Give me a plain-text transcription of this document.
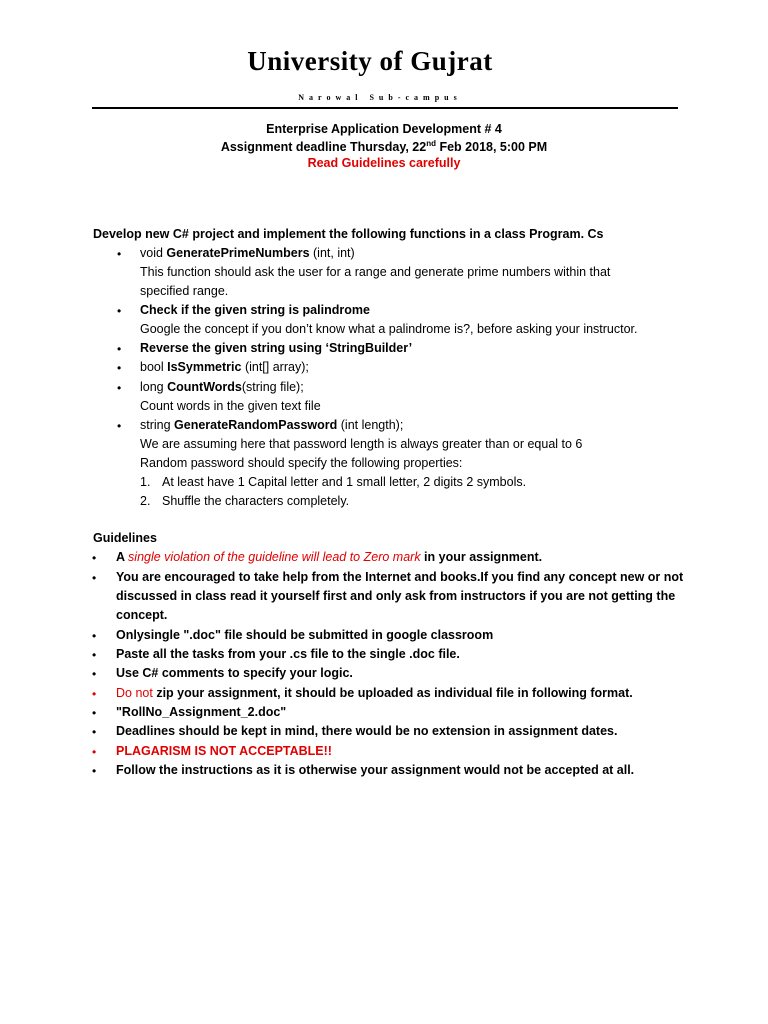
University of Gujrat
Narowal Sub-campus
Enterprise Application Development # 4
Assignment deadline Thursday, 22nd Feb 2018, 5:00 PM
Read Guidelines carefully
Develop new C# project and implement the following functions in a class Program. Cs
• void GeneratePrimeNumbers (int, int)
This function should ask the user for a range and generate prime numbers within that
specified range.
• Check if the given string is palindrome
Google the concept if you don’t know what a palindrome is?, before asking your instructor.
• Reverse the given string using ‘StringBuilder’
• bool IsSymmetric (int[] array);
• long CountWords(string file);
Count words in the given text file
• string GenerateRandomPassword (int length);
We are assuming here that password length is always greater than or equal to 6
Random password should specify the following properties:
1. At least have 1 Capital letter and 1 small letter, 2 digits 2 symbols.
2. Shuffle the characters completely.
Guidelines
• A single violation of the guideline will lead to Zero mark in your assignment.
• You are encouraged to take help from the Internet and books.If you find any concept new or not
discussed in class read it yourself first and only ask from instructors if you are not getting the
concept.
• Onlysingle ".doc" file should be submitted in google classroom
• Paste all the tasks from your .cs file to the single .doc file.
• Use C# comments to specify your logic.
• Do not zip your assignment, it should be uploaded as individual file in following format.
• "RollNo_Assignment_2.doc"
• Deadlines should be kept in mind, there would be no extension in assignment dates.
• PLAGARISM IS NOT ACCEPTABLE!!
• Follow the instructions as it is otherwise your assignment would not be accepted at all.
